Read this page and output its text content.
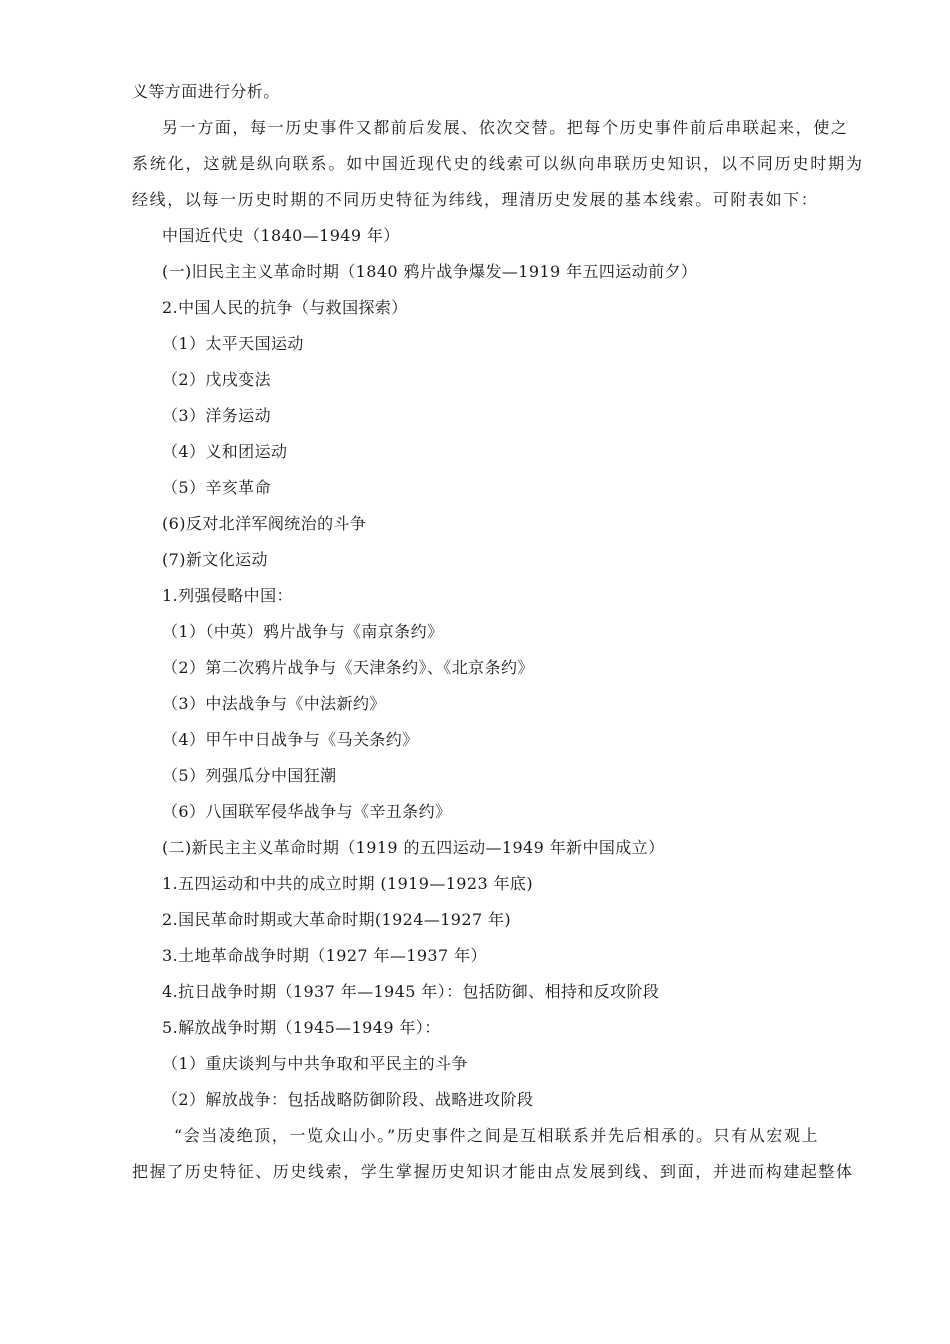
义等方面进行分析。
另一方面，每一历史事件又都前后发展、依次交替。把每个历史事件前后串联起来，使之
系统化，这就是纵向联系。如中国近现代史的线索可以纵向串联历史知识，以不同历史时期为
经线，以每一历史时期的不同历史特征为纬线，理清历史发展的基本线索。可附表如下：
中国近代史（1840—1949 年）
(一)旧民主主义革命时期（1840 鸦片战争爆发—1919 年五四运动前夕）
2.中国人民的抗争（与救国探索）
（1）太平天国运动
（2）戊戌变法
（3）洋务运动
（4）义和团运动
（5）辛亥革命
(6)反对北洋军阀统治的斗争
(7)新文化运动
1.列强侵略中国：
（1）（中英）鸦片战争与《南京条约》
（2）第二次鸦片战争与《天津条约》、《北京条约》
（3）中法战争与《中法新约》
（4）甲午中日战争与《马关条约》
（5）列强瓜分中国狂潮
（6）八国联军侵华战争与《辛丑条约》
(二)新民主主义革命时期（1919 的五四运动—1949 年新中国成立）
1.五四运动和中共的成立时期 (1919—1923 年底)
2.国民革命时期或大革命时期(1924—1927 年)
3.土地革命战争时期（1927 年—1937 年）
4.抗日战争时期（1937 年—1945 年）：包括防御、相持和反攻阶段
5.解放战争时期（1945—1949 年）：
（1）重庆谈判与中共争取和平民主的斗争
（2）解放战争：包括战略防御阶段、战略进攻阶段
“会当凌绝顶，一览众山小。”历史事件之间是互相联系并先后相承的。只有从宏观上
把握了历史特征、历史线索，学生掌握历史知识才能由点发展到线、到面，并进而构建起整体
